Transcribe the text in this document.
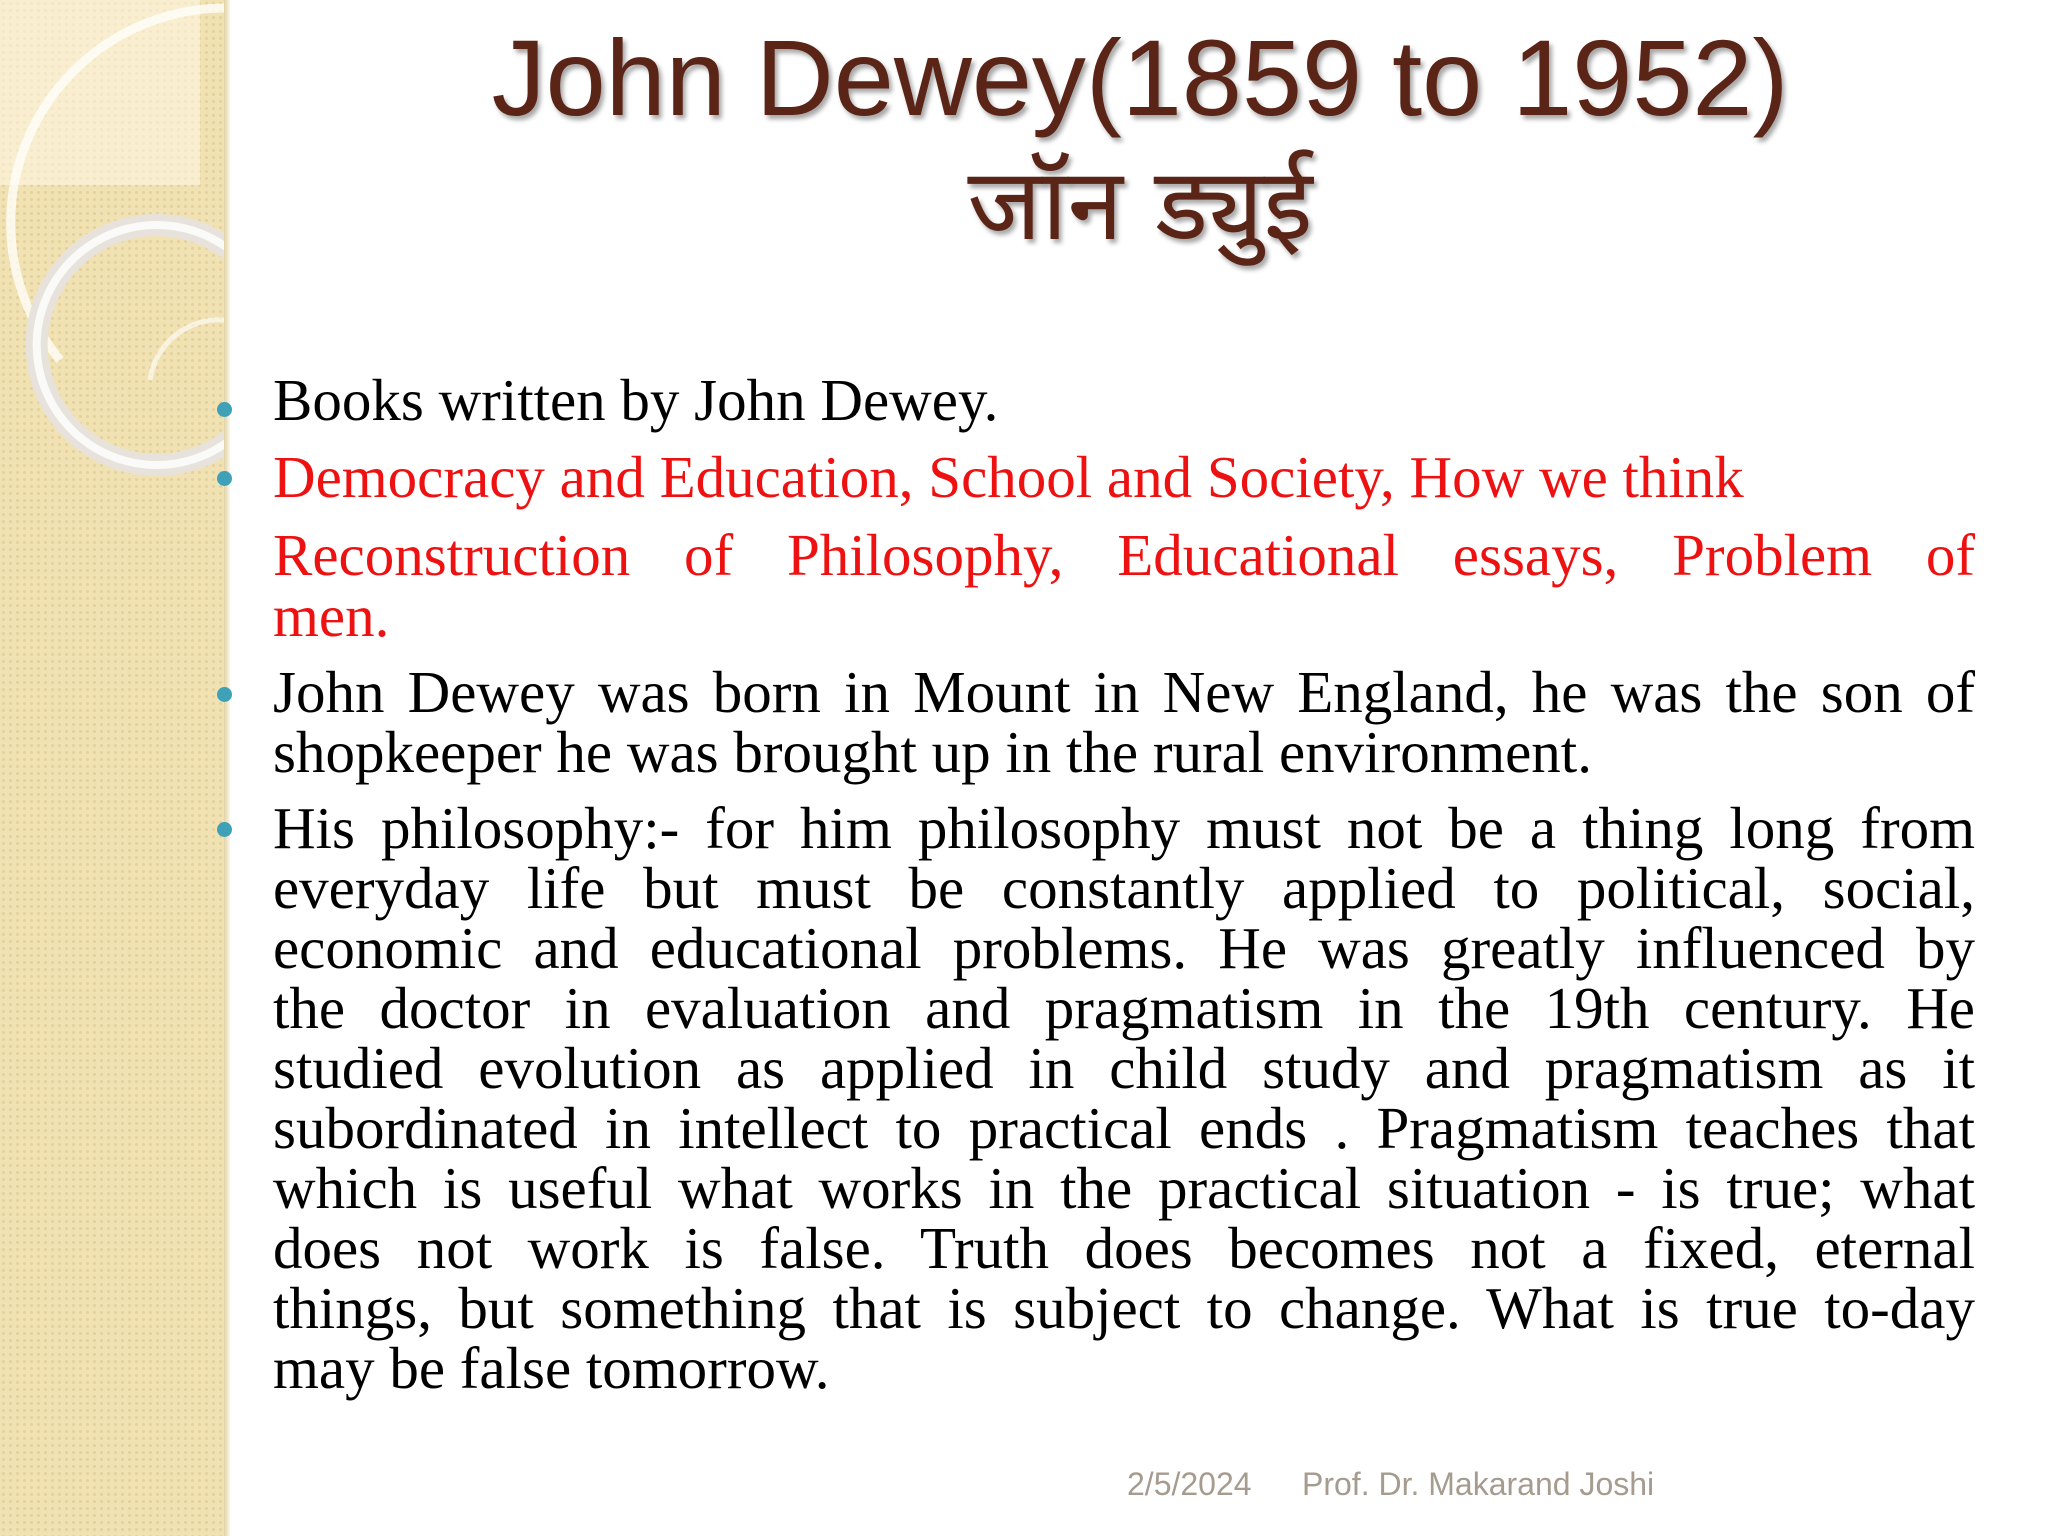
John Dewey(1859 to 1952)
जॉन ड्युई
Books written by John Dewey.
Democracy and Education, School and Society, How we think
Reconstruction of Philosophy, Educational essays, Problem of
men.
John Dewey was born in Mount in New England, he was the son of
shopkeeper he was brought up in the rural environment.
His philosophy:- for him philosophy must not be a thing long from
everyday life but must be constantly applied to political, social,
economic and educational problems. He was greatly influenced by
the doctor in evaluation and pragmatism in the 19th century. He
studied evolution as applied in child study and pragmatism as it
subordinated in intellect to practical ends . Pragmatism teaches that
which is useful what works in the practical situation - is true; what
does not work is false. Truth does becomes not a fixed, eternal
things, but something that is subject to change. What is true to-day
may be false tomorrow.
2/5/2024 Prof. Dr. Makarand Joshi
